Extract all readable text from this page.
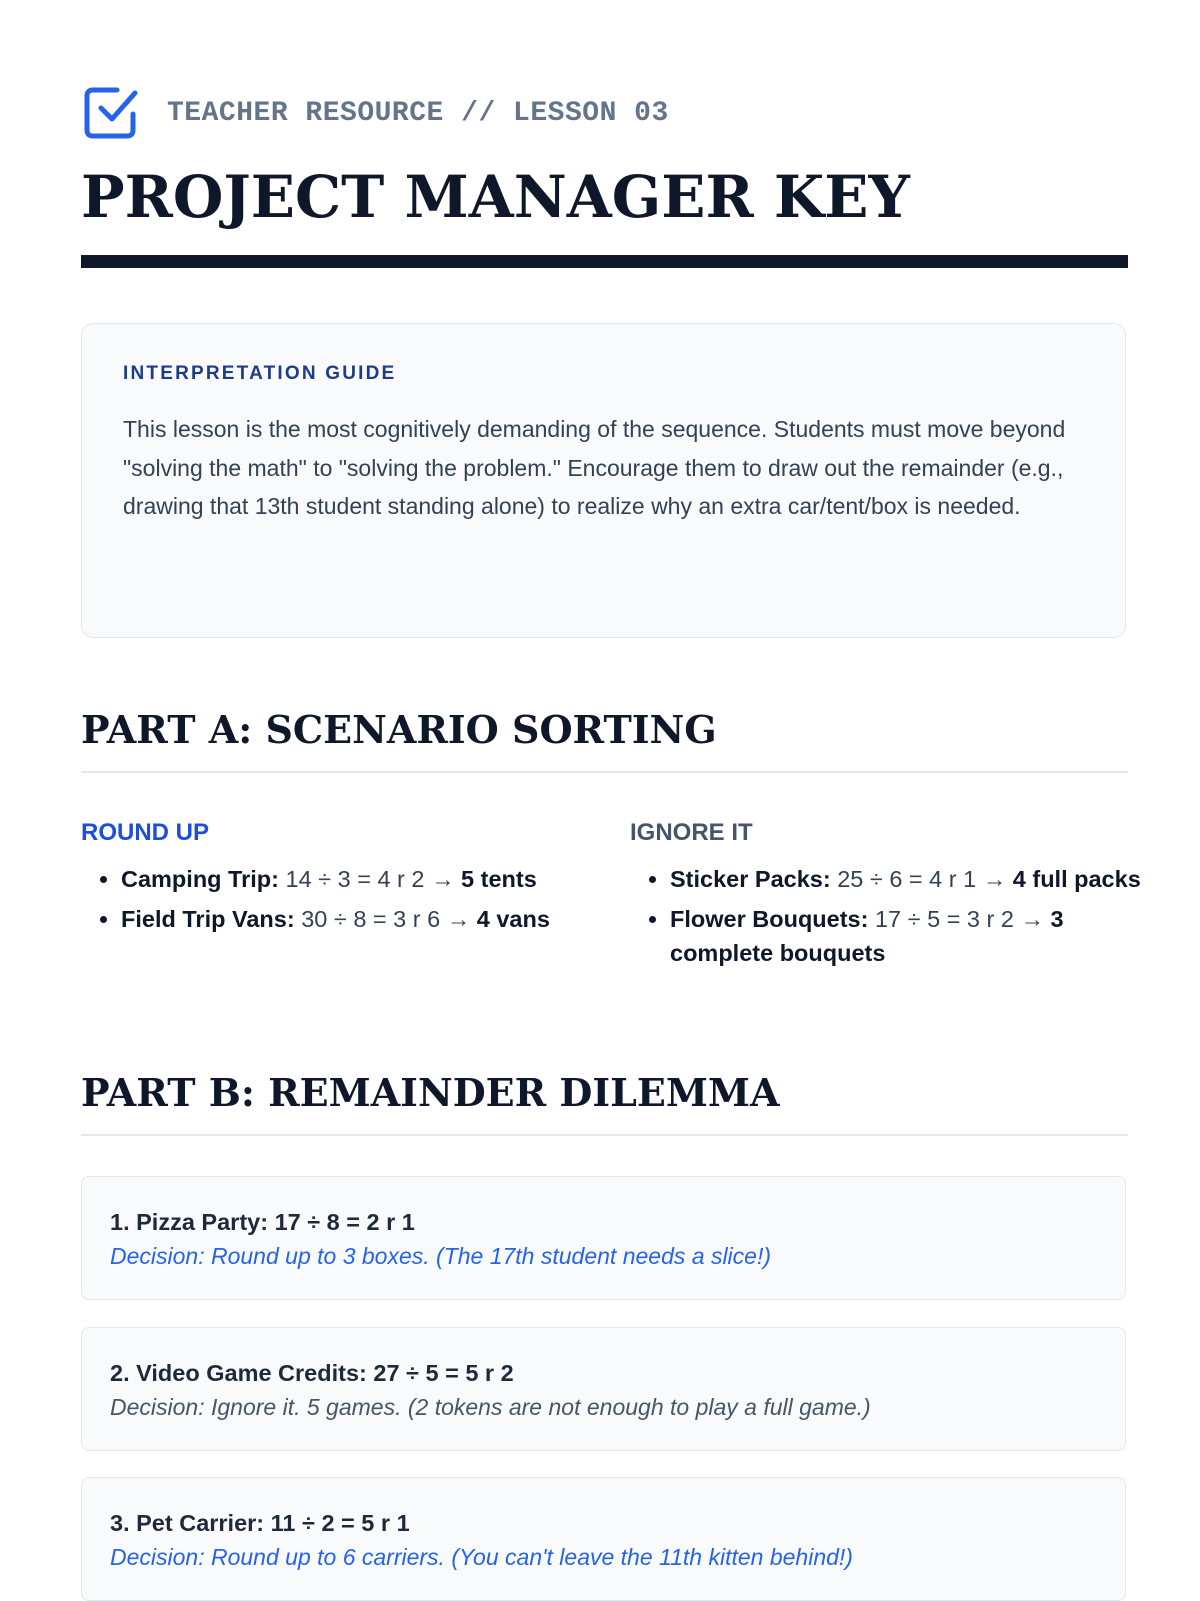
TEACHER RESOURCE // LESSON 03
PROJECT MANAGER KEY

INTERPRETATION GUIDE

This lesson is the most cognitively demanding of the sequence. Students must move beyond "solving the math" to "solving the problem." Encourage them to draw out the remainder (e.g., drawing that 13th student standing alone) to realize why an extra car/tent/box is needed.

PART A: SCENARIO SORTING

ROUND UP

• Camping Trip: 14 ÷ 3 = 4 r 2 → 5 tents
• Field Trip Vans: 30 ÷ 8 = 3 r 6 → 4 vans

IGNORE IT

• Sticker Packs: 25 ÷ 6 = 4 r 1 → 4 full packs
• Flower Bouquets: 17 ÷ 5 = 3 r 2 → 3 complete bouquets
PART B: REMAINDER DILEMMA

1. Pizza Party: 17 ÷ 8 = 2 r 1

Decision: Round up to 3 boxes. (The 17th student needs a slice!)

2. Video Game Credits: 27 ÷ 5 = 5 r 2

Decision: Ignore it. 5 games. (2 tokens are not enough to play a full game.)

3. Pet Carrier: 11 ÷ 2 = 5 r 1

Decision: Round up to 6 carriers. (You can't leave the 11th kitten behind!)
